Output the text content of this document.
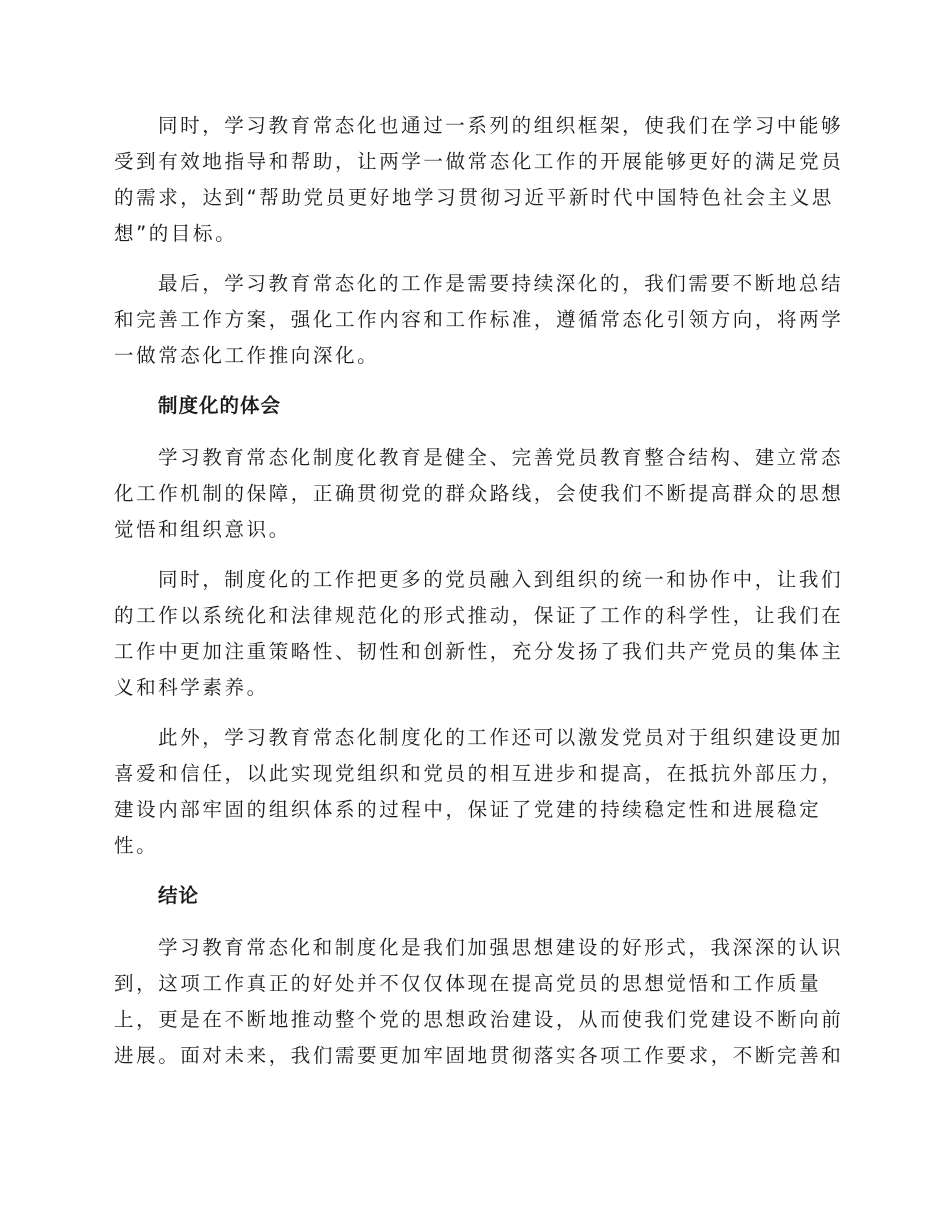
同时，学习教育常态化也通过一系列的组织框架，使我们在学习中能够
受到有效地指导和帮助，让两学一做常态化工作的开展能够更好的满足党员
的需求，达到“帮助党员更好地学习贯彻习近平新时代中国特色社会主义思
想”的目标。
最后，学习教育常态化的工作是需要持续深化的，我们需要不断地总结
和完善工作方案，强化工作内容和工作标准，遵循常态化引领方向，将两学
一做常态化工作推向深化。
制度化的体会
学习教育常态化制度化教育是健全、完善党员教育整合结构、建立常态
化工作机制的保障，正确贯彻党的群众路线，会使我们不断提高群众的思想
觉悟和组织意识。
同时，制度化的工作把更多的党员融入到组织的统一和协作中，让我们
的工作以系统化和法律规范化的形式推动，保证了工作的科学性，让我们在
工作中更加注重策略性、韧性和创新性，充分发扬了我们共产党员的集体主
义和科学素养。
此外，学习教育常态化制度化的工作还可以激发党员对于组织建设更加
喜爱和信任，以此实现党组织和党员的相互进步和提高，在抵抗外部压力，
建设内部牢固的组织体系的过程中，保证了党建的持续稳定性和进展稳定
性。
结论
学习教育常态化和制度化是我们加强思想建设的好形式，我深深的认识
到，这项工作真正的好处并不仅仅体现在提高党员的思想觉悟和工作质量
上，更是在不断地推动整个党的思想政治建设，从而使我们党建设不断向前
进展。面对未来，我们需要更加牢固地贯彻落实各项工作要求，不断完善和
